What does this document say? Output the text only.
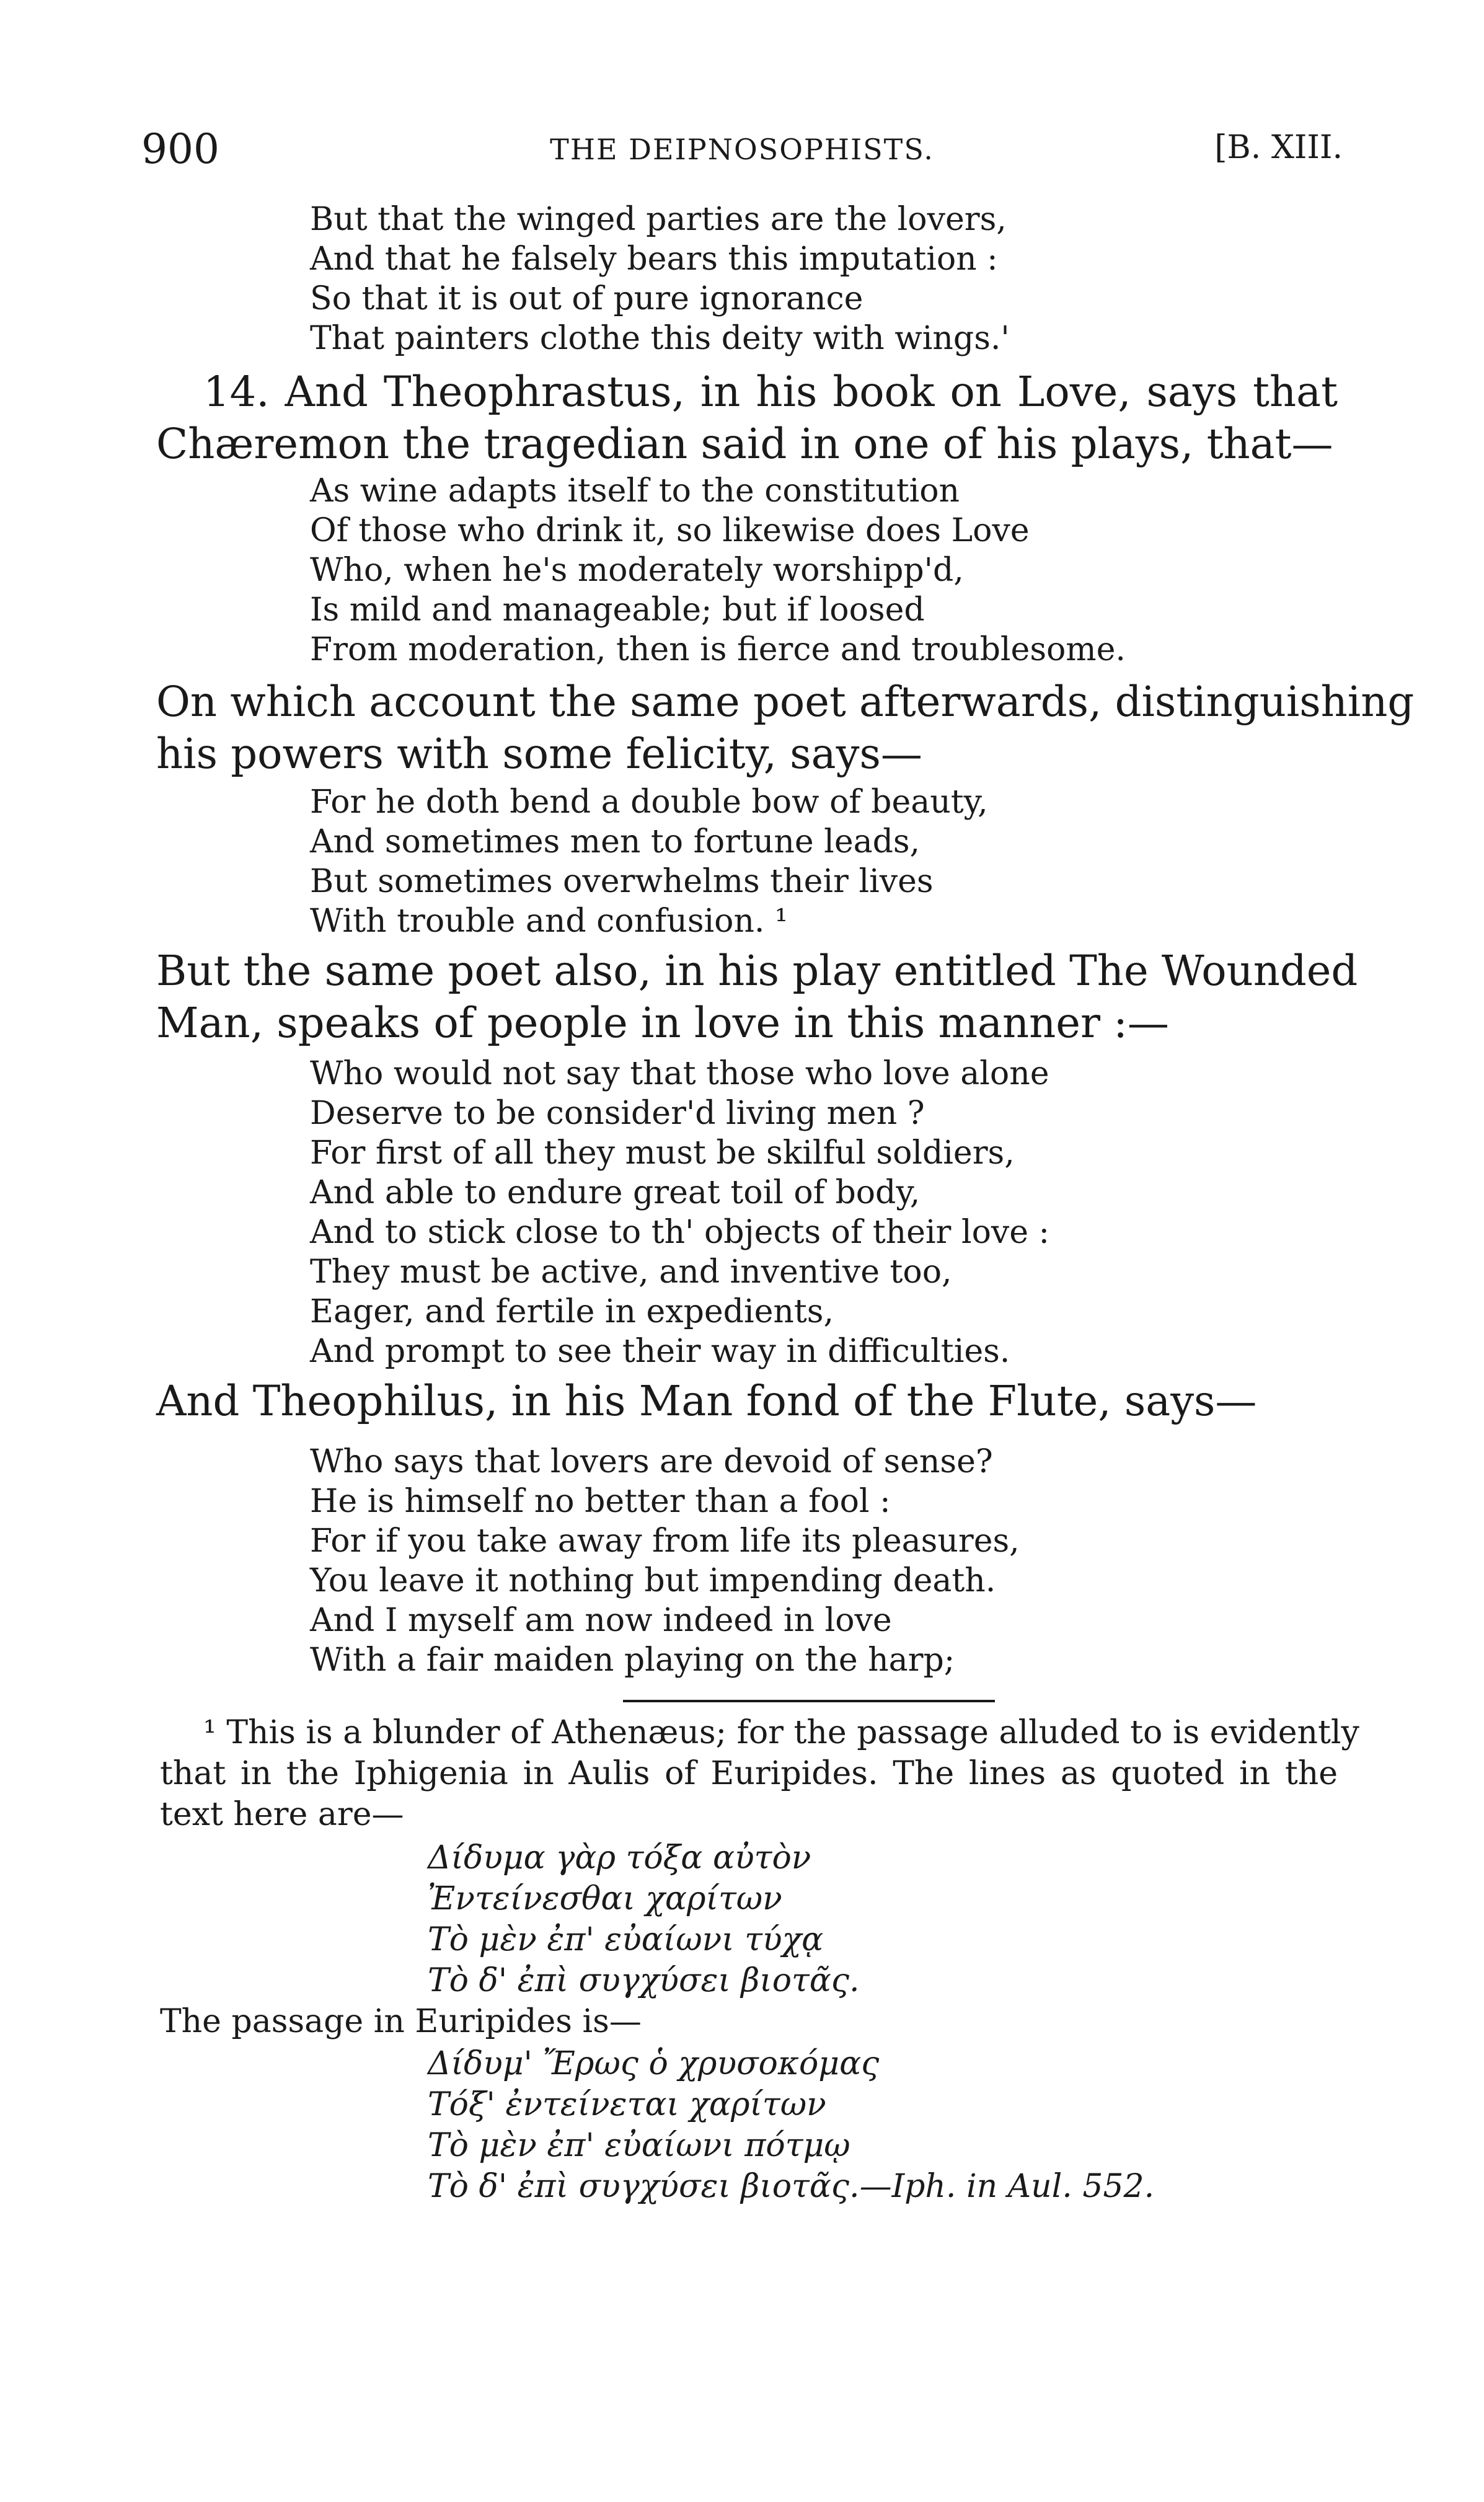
900	THE DEIPNOSOPHISTS.	[B. XIII.
But that the winged parties are the lovers,
And that he falsely bears this imputation :
So that it is out of pure ignorance
That painters clothe this deity with wings.'
14. And Theophrastus, in his book on Love, says that
Chæremon the tragedian said in one of his plays, that—
As wine adapts itself to the constitution
Of those who drink it, so likewise does Love
Who, when he's moderately worshipp'd,
Is mild and manageable; but if loosed
From moderation, then is fierce and troublesome.
On which account the same poet afterwards, distinguishing
his powers with some felicity, says—
For he doth bend a double bow of beauty,
And sometimes men to fortune leads,
But sometimes overwhelms their lives
With trouble and confusion. ¹
But the same poet also, in his play entitled The Wounded
Man, speaks of people in love in this manner :—
Who would not say that those who love alone
Deserve to be consider'd living men ?
For first of all they must be skilful soldiers,
And able to endure great toil of body,
And to stick close to th' objects of their love :
They must be active, and inventive too,
Eager, and fertile in expedients,
And prompt to see their way in difficulties.
And Theophilus, in his Man fond of the Flute, says—
Who says that lovers are devoid of sense?
He is himself no better than a fool :
For if you take away from life its pleasures,
You leave it nothing but impending death.
And I myself am now indeed in love
With a fair maiden playing on the harp;
¹ This is a blunder of Athenæus; for the passage alluded to is evidently
that in the Iphigenia in Aulis of Euripides. The lines as quoted in the
text here are—
Δίδυμα γὰρ τόξα αὐτὸν
Ἐντείνεσθαι χαρίτων
Τὸ μὲν ἐπ' εὐαίωνι τύχᾳ
Τὸ δ' ἐπὶ συγχύσει βιοτᾶς.
The passage in Euripides is—
Δίδυμ' Ἔρως ὁ χρυσοκόμας
Τόξ' ἐντείνεται χαρίτων
Τὸ μὲν ἐπ' εὐαίωνι πότμῳ
Τὸ δ' ἐπὶ συγχύσει βιοτᾶς.—Iph. in Aul. 552.
